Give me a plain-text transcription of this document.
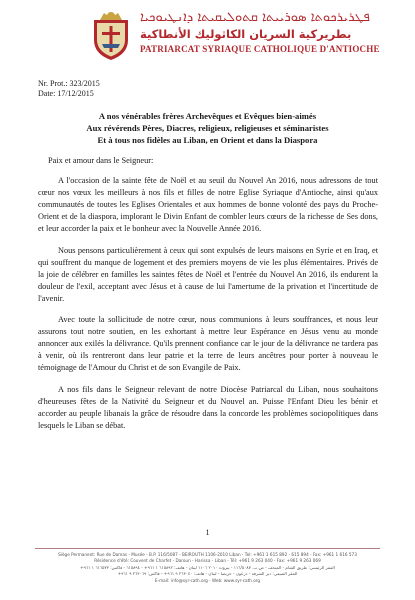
ܦܛܪܝܪܟܘܬܐ ܣܘܪܝܝܬܐ ܩܬܘܠܝܩܝܬܐ ܕܐܢܛܝܘܟܝܐ
بطريركية السريان الكاثوليك الأنطاكية
PATRIARCAT SYRIAQUE CATHOLIQUE D'ANTIOCHE
Nr. Prot.: 323/2015
Date: 17/12/2015
A nos vénérables frères Archevêques et Evêques bien-aimés
Aux révérends Pères, Diacres, religieux, religieuses et séminaristes
Et à tous nos fidèles au Liban, en Orient et dans la Diaspora

Paix et amour dans le Seigneur:

A l'occasion de la sainte fête de Noël et au seuil du Nouvel An 2016, nous adressons de tout cœur nos vœux les meilleurs à nos fils et filles de notre Eglise Syriaque d'Antioche, ainsi qu'aux communautés de toutes les Eglises Orientales et aux hommes de bonne volonté des pays du Proche-Orient et de la diaspora, implorant le Divin Enfant de combler leurs cœurs de la richesse de Ses dons, et leur accorder la paix et le bonheur avec la Nouvelle Année 2016.

Nous pensons particulièrement à ceux qui sont expulsés de leurs maisons en Syrie et en Iraq, et qui souffrent du manque de logement et des premiers moyens de vie les plus élémentaires. Privés de la joie de célébrer en familles les saintes fêtes de Noël et l'entrée du Nouvel An 2016, ils endurent la douleur de l'exil, acceptant avec Jésus et à cause de lui l'amertume de la privation et l'incertitude de l'avenir.

Avec toute la sollicitude de notre cœur, nous communions à leurs souffrances, et nous leur assurons tout notre soutien, en les exhortant à mettre leur Espérance en Jésus venu au monde annoncer aux exilés la délivrance. Qu'ils prennent confiance car le jour de la délivrance ne tardera pas à venir, où ils rentreront dans leur patrie et la terre de leurs ancêtres pour porter à nouveau le témoignage de l'Amour du Christ et de son Evangile de Paix.

A nos fils dans le Seigneur relevant de notre Diocèse Patriarcal du Liban, nous souhaitons d'heureuses fêtes de la Nativité du Seigneur et du Nouvel an. Puisse l'Enfant Dieu les bénir et accorder au peuple libanais la grâce de résoudre dans la concorde les problèmes sociopolitiques dans lesquels le Liban se débat.

1
Siège Permanent: Rue de Damas - Musée - B.P. 116/5087 - BEIROUTH 1106-2010 Liban - Tel: +961 1 615 892 - 615 894 - Fax: +961 1 616 573
Résidence d'été: Couvent de Charfet - Daroun - Harissa - Liban - Tél: +961 9 263 040 - Fax: +961 9 263 069
المقر الرئيسي: طريق الشام - المتحف - ص.ب. ١١٦/٥٠٨٧ - بيروت ٢٠١٠ ١١٠٦ لبنان - هاتف: ٦١٥٨٩٢ ١ ٩٦١+ - ٦١٥٨٩٤ - فاكس: ٦١٦٥٧٣ ١ ٩٦١+
المقر الصيفي: دير الشرفة - درعون - حريصا - لبنان - هاتف: ٢٦٣٠٤٠ ٩ ٩٦١+ - فاكس: ٢٦٣٠٦٩ ٩ ٩٦١+
E-mail: info@syr-cath.org - Web: www.syr-cath.org
